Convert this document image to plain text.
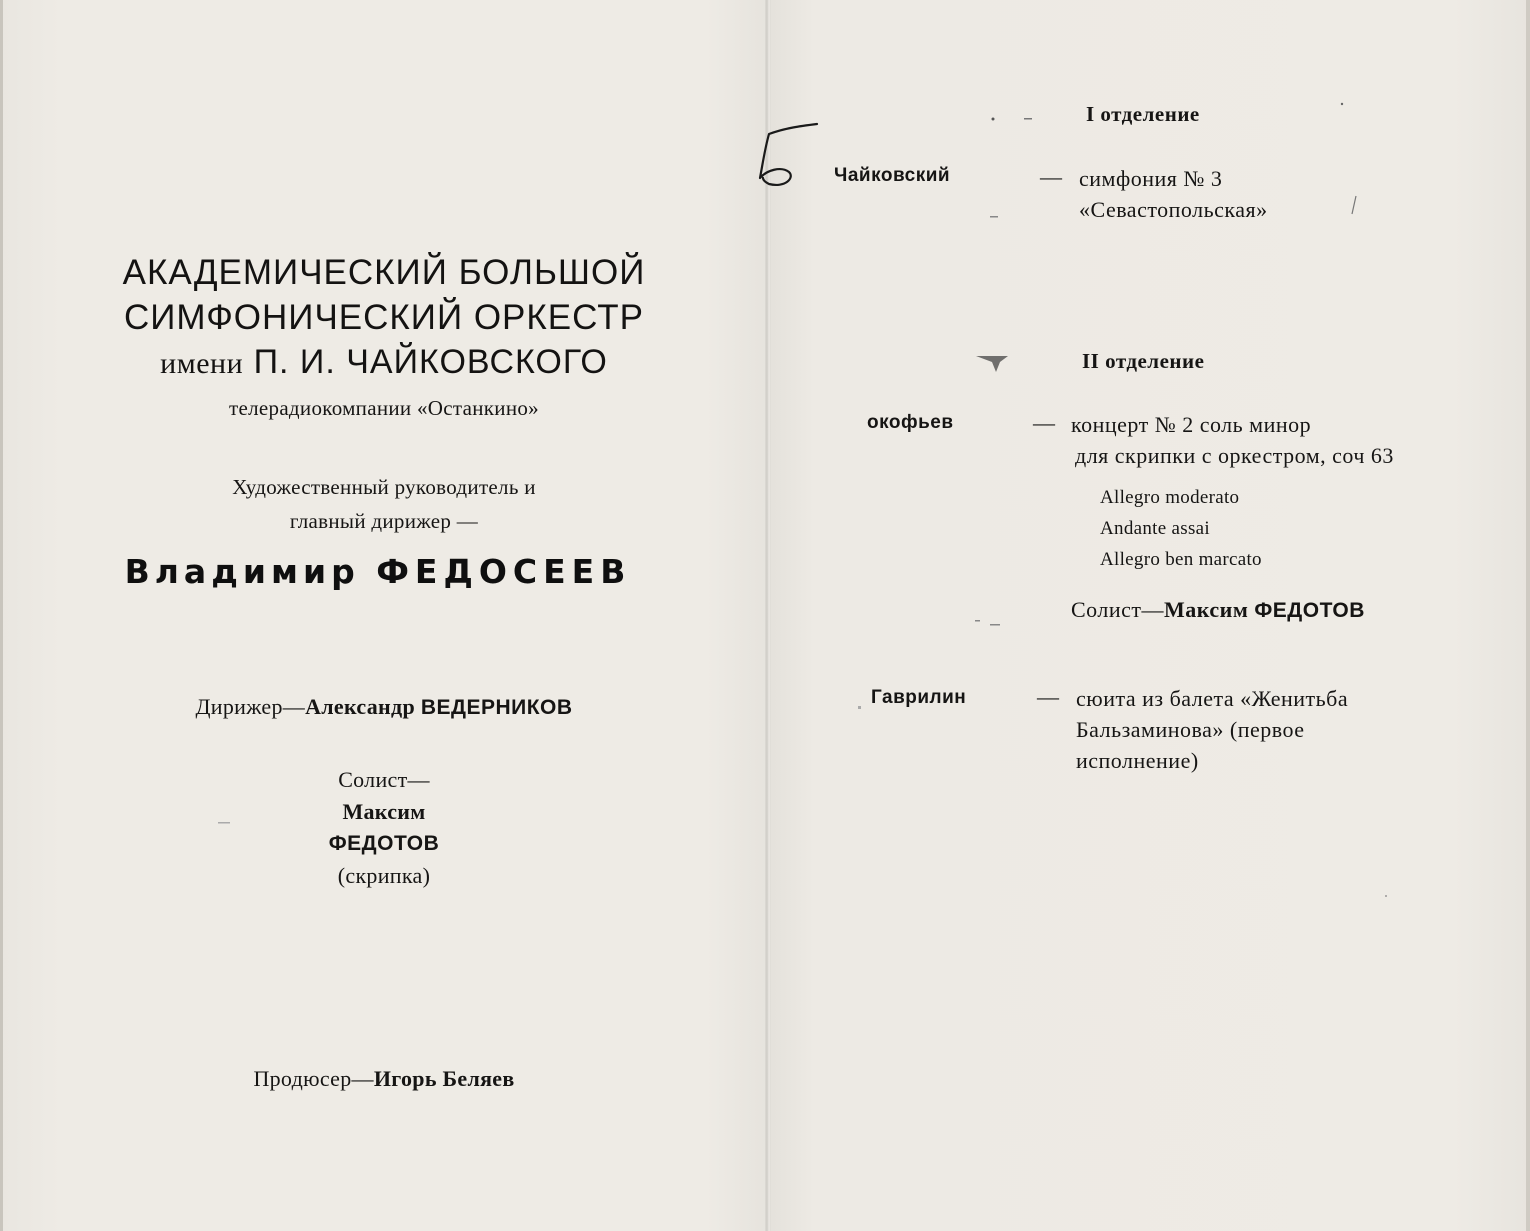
АКАДЕМИЧЕСКИЙ БОЛЬШОЙ
СИМФОНИЧЕСКИЙ ОРКЕСТР
имени П. И. ЧАЙКОВСКОГО
телерадиокомпании «Останкино»
Художественный руководитель и
главный дирижер —
Владимир ФЕДОСЕЕВ
Дирижер—Александр ВЕДЕРНИКОВ
Солист—
Максим
ФЕДОТОВ
(скрипка)
Продюсер—Игорь Беляев
I отделение
Чайковский	— симфония № 3
«Севастопольская»
II отделение
окофьев	— концерт № 2 соль минор
для скрипки с оркестром, соч 63
Allegro moderato
Andante assai
Allegro ben marcato
Солист—Максим ФЕДОТОВ
Гаврилин	— сюита из балета «Женитьба
Бальзаминова» (первое
исполнение)
